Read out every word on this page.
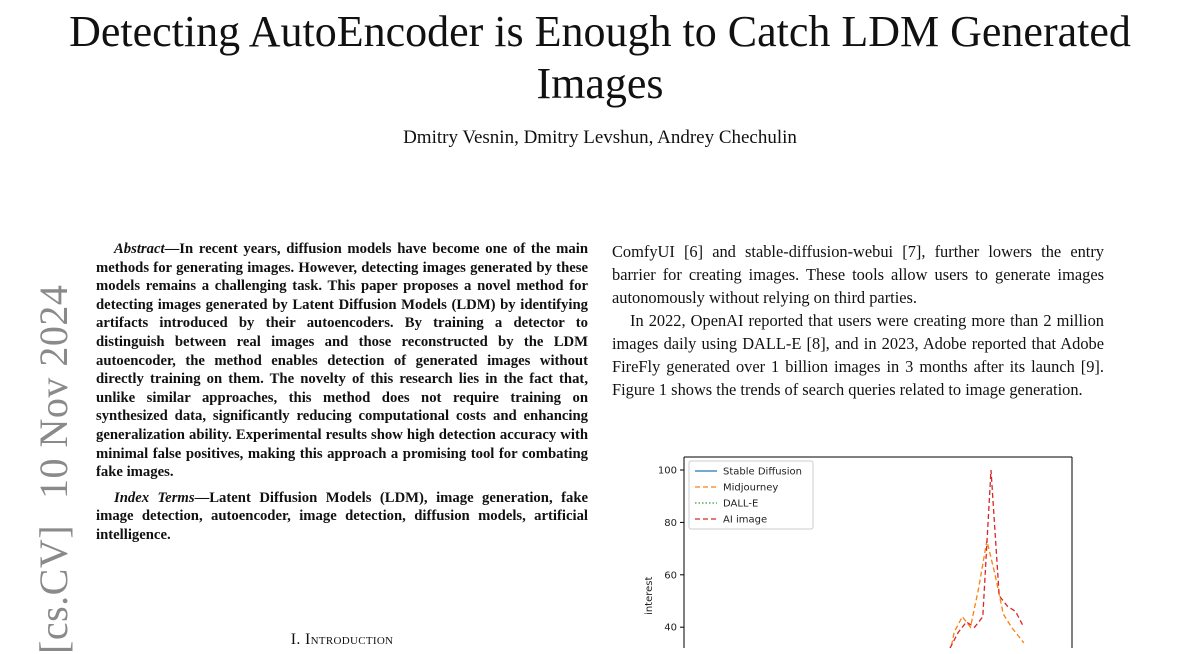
Detecting AutoEncoder is Enough to Catch LDM Generated Images
Dmitry Vesnin, Dmitry Levshun, Andrey Chechulin
[cs.CV]10 Nov 2024

Abstract—In recent years, diffusion models have become one of the main methods for generating images. However, detecting images generated by these models remains a challenging task. This paper proposes a novel method for detecting images generated by Latent Diffusion Models (LDM) by identifying artifacts introduced by their autoencoders. By training a detector to distinguish between real images and those reconstructed by the LDM autoencoder, the method enables detection of generated images without directly training on them. The novelty of this research lies in the fact that, unlike similar approaches, this method does not require training on synthesized data, significantly reducing computational costs and enhancing generalization ability. Experimental results show high detection accuracy with minimal false positives, making this approach a promising tool for combating fake images.

Index Terms—Latent Diffusion Models (LDM), image generation, fake image detection, autoencoder, image detection, diffusion models, artificial intelligence.

I. Introduction

ComfyUI [6] and stable-diffusion-webui [7], further lowers the entry barrier for creating images. These tools allow users to generate images autonomously without relying on third parties.

In 2022, OpenAI reported that users were creating more than 2 million images daily using DALL-E [8], and in 2023, Adobe reported that Adobe FireFly generated over 1 billion images in 3 months after its launch [9]. Figure 1 shows the trends of search queries related to image generation.

40
60
80
100
interest
Stable Diffusion
Midjourney
DALL-E
AI image
